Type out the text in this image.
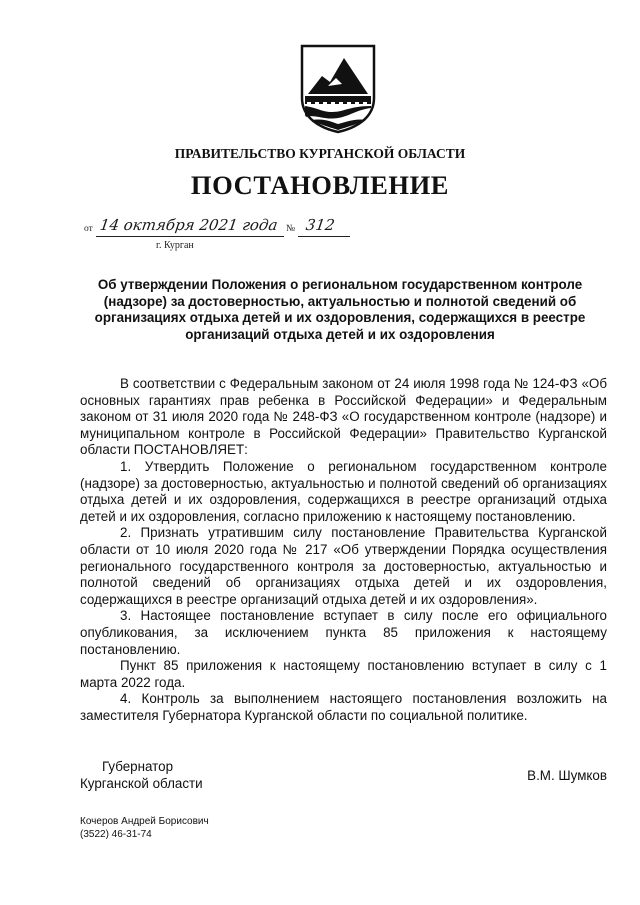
ПРАВИТЕЛЬСТВО КУРГАНСКОЙ ОБЛАСТИ
ПОСТАНОВЛЕНИЕ
от 14 октября 2021 года № 312
г. Курган
Об утверждении Положения о региональном государственном контроле (надзоре) за достоверностью, актуальностью и полнотой сведений об организациях отдыха детей и их оздоровления, содержащихся в реестре организаций отдыха детей и их оздоровления

В соответствии с Федеральным законом от 24 июля 1998 года № 124-ФЗ «Об основных гарантиях прав ребенка в Российской Федерации» и Федеральным законом от 31 июля 2020 года № 248-ФЗ «О государственном контроле (надзоре) и муниципальном контроле в Российской Федерации» Правительство Курганской области ПОСТАНОВЛЯЕТ:

1. Утвердить Положение о региональном государственном контроле (надзоре) за достоверностью, актуальностью и полнотой сведений об организациях отдыха детей и их оздоровления, содержащихся в реестре организаций отдыха детей и их оздоровления, согласно приложению к настоящему постановлению.

2. Признать утратившим силу постановление Правительства Курганской области от 10 июля 2020 года № 217 «Об утверждении Порядка осуществления регионального государственного контроля за достоверностью, актуальностью и полнотой сведений об организациях отдыха детей и их оздоровления, содержащихся в реестре организаций отдыха детей и их оздоровления».

3. Настоящее постановление вступает в силу после его официального опубликования, за исключением пункта 85 приложения к настоящему постановлению.

Пункт 85 приложения к настоящему постановлению вступает в силу с 1 марта 2022 года.

4. Контроль за выполнением настоящего постановления возложить на заместителя Губернатора Курганской области по социальной политике.

Губернатор
Курганской области
В.М. Шумков
Кочеров Андрей Борисович
(3522) 46-31-74
